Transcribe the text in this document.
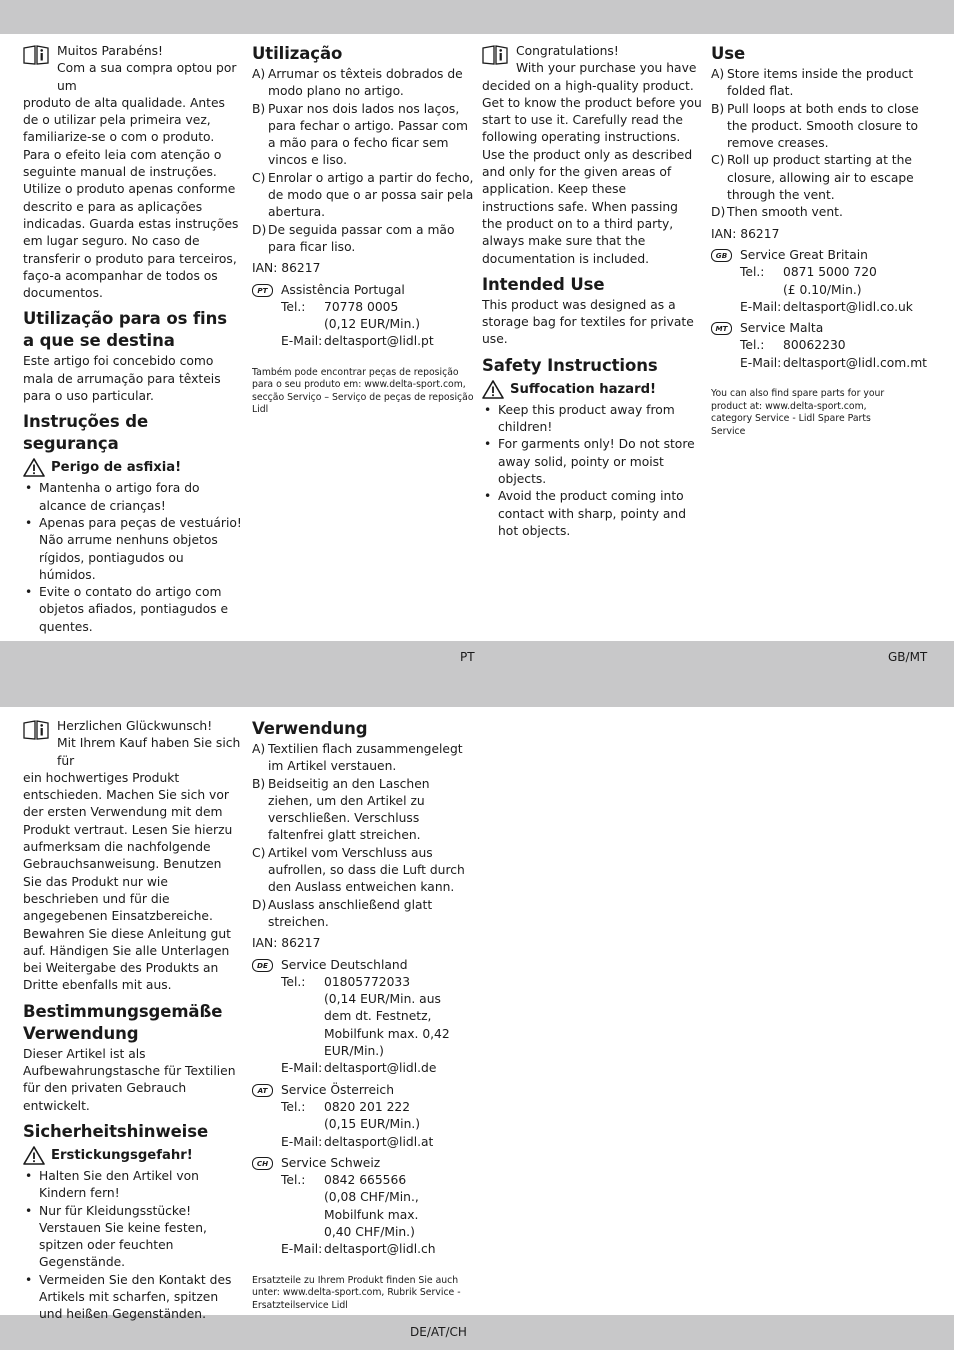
PT	GB/MT
DE/AT/CH

Muitos Parabéns!

Com a sua compra optou por um

produto de alta qualidade. Antes de o utilizar pela primeira vez, familiarize-se o com o produto. Para o efeito leia com atenção o seguinte manual de instruções. Utilize o produto apenas conforme descrito e para as aplicações indicadas. Guarda estas instruções em lugar seguro. No caso de transferir o produto para terceiros, faço-a acompanhar de todos os documentos.

Utilização para os fins a que se destina

Este artigo foi concebido como mala de arrumação para têxteis para o uso particular.

Instruções de segurança
Perigo de asfixia!
• Mantenha o artigo fora do alcance de crianças!
• Apenas para peças de vestuário! Não arrume nenhuns objetos rígidos, pontiagudos ou húmidos.
• Evite o contato do artigo com objetos afiados, pontiagudos e quentes.
Utilização
A) Arrumar os têxteis dobrados de modo plano no artigo.
B) Puxar nos dois lados nos laços, para fechar o artigo. Passar com a mão para o fecho ficar sem vincos e liso.
C) Enrolar o artigo a partir do fecho, de modo que o ar possa sair pela abertura.
D) De seguida passar com a mão para ficar liso.

IAN: 86217

PT	Assistência Portugal

Tel.:	70778 0005
(0,12 EUR/Min.)
E-Mail: deltasport@lidl.pt

Também pode encontrar peças de reposição para o seu produto em: www.delta-sport.com, secção Serviço – Serviço de peças de reposição Lidl

Congratulations!

With your purchase you have

decided on a high-quality product. Get to know the product before you start to use it. Carefully read the following operating instructions. Use the product only as described and only for the given areas of application. Keep these instructions safe. When passing the product on to a third party, always make sure that the documentation is included.

Intended Use

This product was designed as a storage bag for textiles for private use.

Safety Instructions
Suffocation hazard!
• Keep this product away from children!
• For garments only! Do not store away solid, pointy or moist objects.
• Avoid the product coming into contact with sharp, pointy and hot objects.
Use
A) Store items inside the product folded flat.
B) Pull loops at both ends to close the product. Smooth closure to remove creases.
C) Roll up product starting at the closure, allowing air to escape through the vent.
D) Then smooth vent.

IAN: 86217

GB	Service Great Britain

Tel.:	0871 5000 720
(£ 0.10/Min.)
E-Mail: deltasport@lidl.co.uk
MT	Service Malta

Tel.:	80062230
E-Mail: deltasport@lidl.com.mt

You can also find spare parts for your product at: www.delta-sport.com, category Service - Lidl Spare Parts Service

Herzlichen Glückwunsch!

Mit Ihrem Kauf haben Sie sich für

ein hochwertiges Produkt entschieden. Machen Sie sich vor der ersten Verwendung mit dem Produkt vertraut. Lesen Sie hierzu aufmerksam die nachfolgende Gebrauchsanweisung. Benutzen Sie das Produkt nur wie beschrieben und für die angegebenen Einsatzbereiche. Bewahren Sie diese Anleitung gut auf. Händigen Sie alle Unterlagen bei Weitergabe des Produkts an Dritte ebenfalls mit aus.

Bestimmungsgemäße Verwendung

Dieser Artikel ist als Aufbewahrungstasche für Textilien für den privaten Gebrauch entwickelt.

Sicherheitshinweise
Erstickungsgefahr!
• Halten Sie den Artikel von Kindern fern!
• Nur für Kleidungsstücke! Verstauen Sie keine festen, spitzen oder feuchten Gegenstände.
• Vermeiden Sie den Kontakt des Artikels mit scharfen, spitzen und heißen Gegenständen.
Verwendung
A) Textilien flach zusammengelegt im Artikel verstauen.
B) Beidseitig an den Laschen ziehen, um den Artikel zu verschließen. Verschluss faltenfrei glatt streichen.
C) Artikel vom Verschluss aus aufrollen, so dass die Luft durch den Auslass entweichen kann.
D) Auslass anschließend glatt streichen.

IAN: 86217

DE	Service Deutschland

Tel.:	01805772033
(0,14 EUR/Min. aus dem dt. Festnetz, Mobilfunk max. 0,42 EUR/Min.)
E-Mail: deltasport@lidl.de
AT	Service Österreich

Tel.:	0820 201 222
(0,15 EUR/Min.)
E-Mail: deltasport@lidl.at
CH	Service Schweiz

Tel.:	0842 665566
(0,08 CHF/Min., Mobilfunk max. 0,40 CHF/Min.)
E-Mail: deltasport@lidl.ch

Ersatzteile zu Ihrem Produkt finden Sie auch unter: www.delta-sport.com, Rubrik Service - Ersatzteilservice Lidl
